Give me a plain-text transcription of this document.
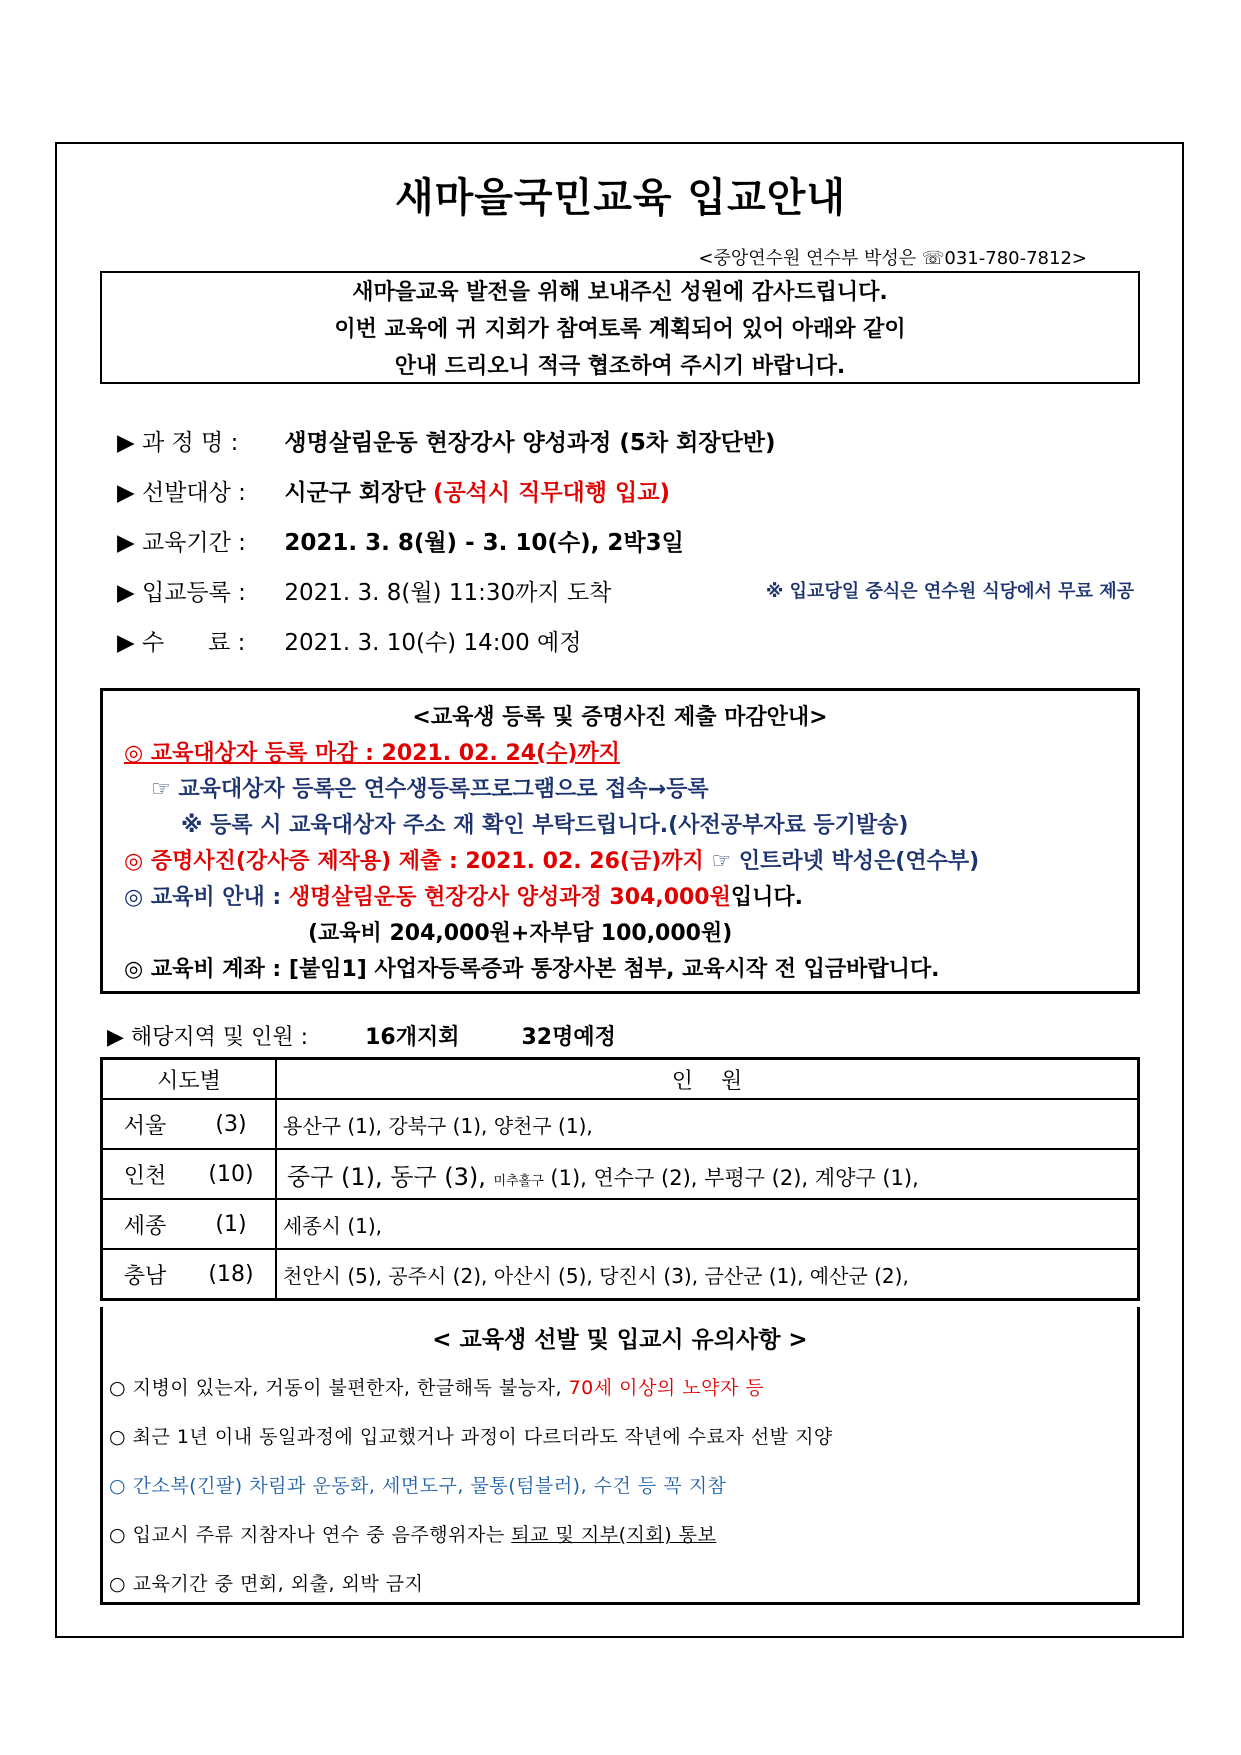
새마을국민교육 입교안내
<중앙연수원 연수부 박성은 ☏031-780-7812>
새마을교육 발전을 위해 보내주신 성원에 감사드립니다.
이번 교육에 귀 지회가 참여토록 계획되어 있어 아래와 같이
안내 드리오니 적극 협조하여 주시기 바랍니다.
▶ 과 정 명 : 생명살림운동 현장강사 양성과정 (5차 회장단반)
▶ 선발대상 : 시군구 회장단 (공석시 직무대행 입교)
▶ 교육기간 : 2021. 3. 8(월) - 3. 10(수), 2박3일
▶ 입교등록 : 2021. 3. 8(월) 11:30까지 도착	※ 입교당일 중식은 연수원 식당에서 무료 제공
▶ 수      료 : 2021. 3. 10(수) 14:00 예정
<교육생 등록 및 증명사진 제출 마감안내>
◎ 교육대상자 등록 마감 : 2021. 02. 24(수)까지
☞ 교육대상자 등록은 연수생등록프로그램으로 접속→등록
※ 등록 시 교육대상자 주소 재 확인 부탁드립니다.(사전공부자료 등기발송)
◎ 증명사진(강사증 제작용) 제출 : 2021. 02. 26(금)까지 ☞ 인트라넷 박성은(연수부)
◎ 교육비 안내 : 생명살림운동 현장강사 양성과정 304,000원입니다.
(교육비 204,000원+자부담 100,000원)
◎ 교육비 계좌 : [붙임1] 사업자등록증과 통장사본 첨부, 교육시작 전 입금바랍니다.
▶ 해당지역 및 인원 :	16개지회	32명예정
시도별		인    원
서울	(3)	용산구 (1), 강북구 (1), 양천구 (1),
인천	(10)	중구 (1), 동구 (3), 미추홀구 (1), 연수구 (2), 부평구 (2), 계양구 (1),
세종	(1)	세종시 (1),
충남	(18)	천안시 (5), 공주시 (2), 아산시 (5), 당진시 (3), 금산군 (1), 예산군 (2),
< 교육생 선발 및 입교시 유의사항 >
○ 지병이 있는자, 거동이 불편한자, 한글해독 불능자, 70세 이상의 노약자 등
○ 최근 1년 이내 동일과정에 입교했거나 과정이 다르더라도 작년에 수료자 선발 지양
○ 간소복(긴팔) 차림과 운동화, 세면도구, 물통(텀블러), 수건 등 꼭 지참
○ 입교시 주류 지참자나 연수 중 음주행위자는 퇴교 및 지부(지회) 통보
○ 교육기간 중 면회, 외출, 외박 금지
